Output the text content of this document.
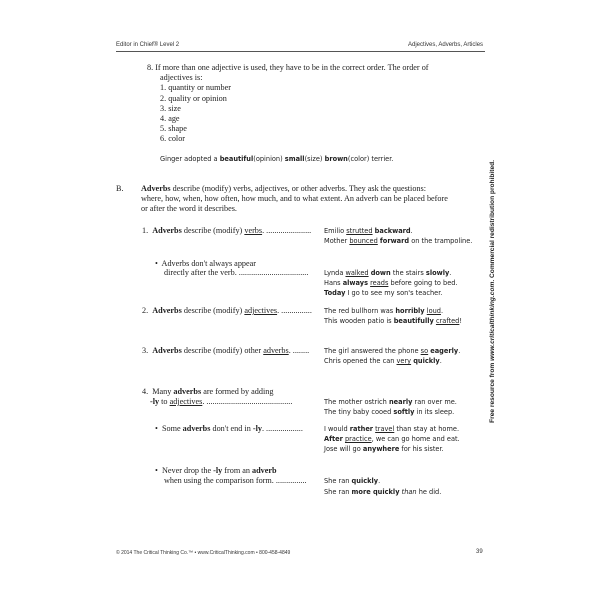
Editor in Chief® Level 2	Adjectives, Adverbs, Articles
Free resource from www.criticalthinking.com. Commercial redistribution prohibited.
8. If more than one adjective is used, they have to be in the correct order. The order of
adjectives is:
1. quantity or number
2. quality or opinion
3. size
4. age
5. shape
6. color
Ginger adopted a beautiful(opinion) small(size) brown(color) terrier.
B. Adverbs describe (modify) verbs, adjectives, or other adverbs. They ask the questions:
where, how, when, how often, how much, and to what extent. An adverb can be placed before
or after the word it describes.
1. Adverbs describe (modify) verbs. ...................... Emilio strutted backward.
Mother bounced forward on the trampoline.
• Adverbs don't always appear
directly after the verb. .................................. Lynda walked down the stairs slowly.
Hans always reads before going to bed.
Today I go to see my son's teacher.
2. Adverbs describe (modify) adjectives. ............... The red bullhorn was horribly loud.
This wooden patio is beautifully crafted!
3. Adverbs describe (modify) other adverbs. ........ The girl answered the phone so eagerly.
Chris opened the can very quickly.
4. Many adverbs are formed by adding
-ly to adjectives. ..........................................	The mother ostrich nearly ran over me.
The tiny baby cooed softly in its sleep.
• Some adverbs don't end in -ly. ..................	I would rather travel than stay at home.
After practice, we can go home and eat.
Jose will go anywhere for his sister.
• Never drop the -ly from an adverb
when using the comparison form. ...............	She ran quickly.
She ran more quickly than he did.
© 2014 The Critical Thinking Co.™ • www.CriticalThinking.com • 800-458-4849	39
